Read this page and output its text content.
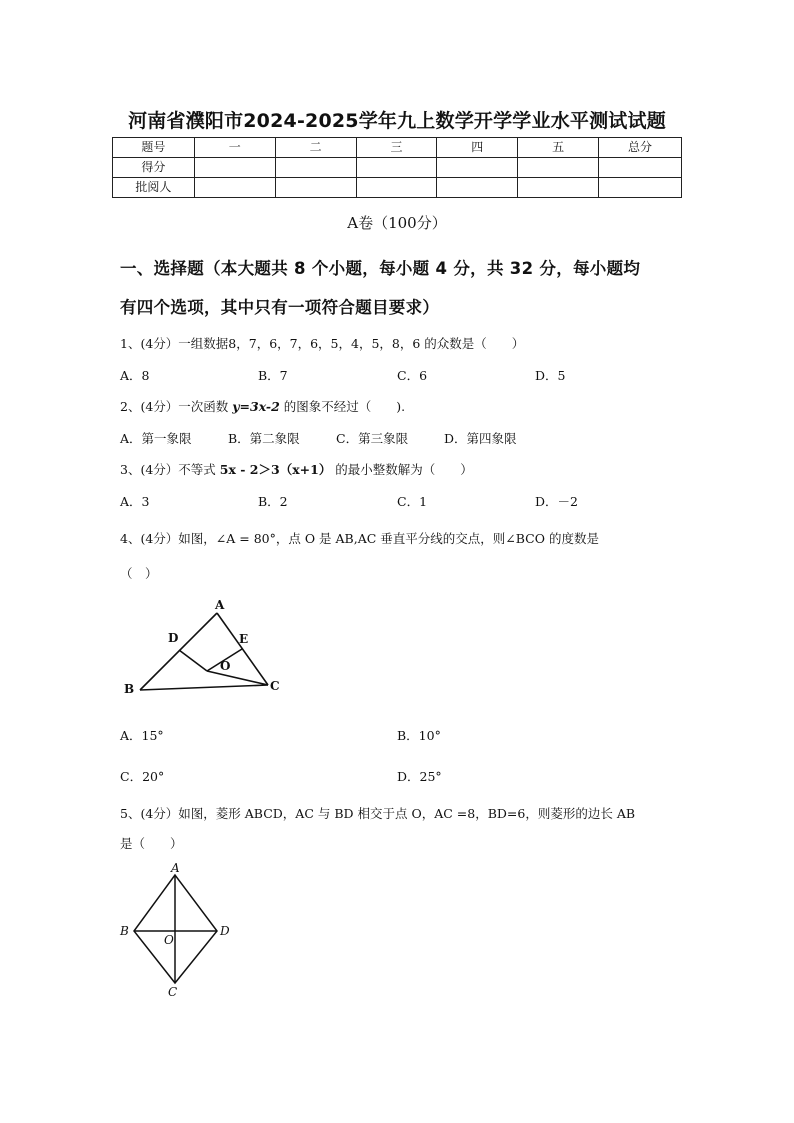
河南省濮阳市2024-2025学年九上数学开学学业水平测试试题
题号	一	二	三	四	五	总分
得分						
批阅人						
A卷（100分）
一、选择题（本大题共 8 个小题，每小题 4 分，共 32 分，每小题均
有四个选项，其中只有一项符合题目要求）
1、(4分）一组数据8，7，6，7，6，5，4，5，8，6 的众数是（　　）
A．8	B．7	C．6	D．5
2、(4分）一次函数 y=3x-2 的图象不经过（　　).
A．第一象限	B．第二象限	C．第三象限	D．第四象限
3、(4分）不等式 5x - 2＞3（x+1） 的最小整数解为（　　）
A．3	B．2	C．1	D．－2
4、(4分）如图，∠A = 80°，点 O 是 AB,AC 垂直平分线的交点，则∠BCO 的度数是
（　）
A
D	E
O
B	C
A．15°	B．10°
C．20°	D．25°
5、(4分）如图，菱形 ABCD，AC 与 BD 相交于点 O，AC =8，BD=6，则菱形的边长 AB
是（　　）
A
B
O
D
C
